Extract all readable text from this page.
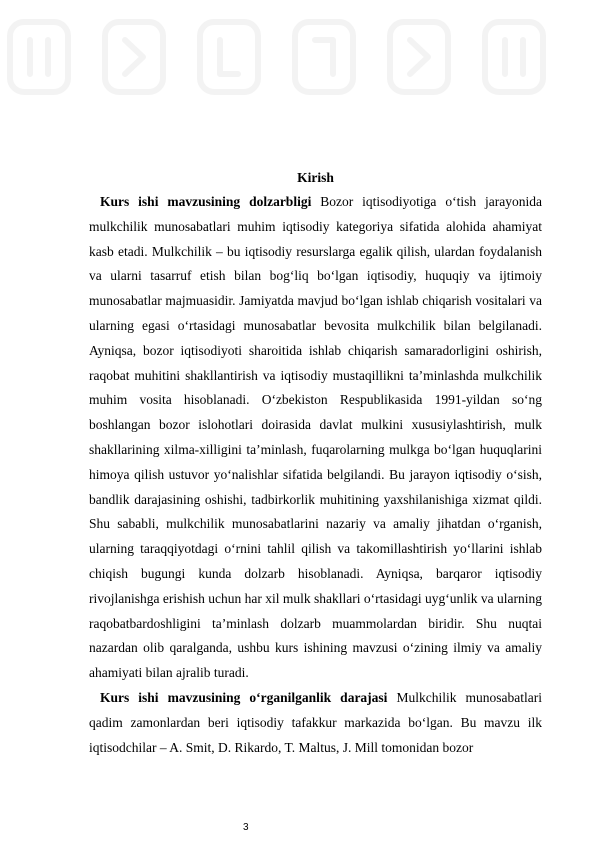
Kirish

Kurs ishi mavzusining dolzarbligi Bozor iqtisodiyotiga o‘tish jarayonida mulkchilik munosabatlari muhim iqtisodiy kategoriya sifatida alohida ahamiyat kasb etadi. Mulkchilik – bu iqtisodiy resurslarga egalik qilish, ulardan foydalanish va ularni tasarruf etish bilan bog‘liq bo‘lgan iqtisodiy, huquqiy va ijtimoiy munosabatlar majmuasidir. Jamiyatda mavjud bo‘lgan ishlab chiqarish vositalari va ularning egasi o‘rtasidagi munosabatlar bevosita mulkchilik bilan belgilanadi. Ayniqsa, bozor iqtisodiyoti sharoitida ishlab chiqarish samaradorligini oshirish, raqobat muhitini shakllantirish va iqtisodiy mustaqillikni ta’minlashda mulkchilik muhim vosita hisoblanadi. O‘zbekiston Respublikasida 1991-yildan so‘ng boshlangan bozor islohotlari doirasida davlat mulkini xususiylashtirish, mulk shakllarining xilma-xilligini ta’minlash, fuqarolarning mulkga bo‘lgan huquqlarini himoya qilish ustuvor yo‘nalishlar sifatida belgilandi. Bu jarayon iqtisodiy o‘sish, bandlik darajasining oshishi, tadbirkorlik muhitining yaxshilanishiga xizmat qildi. Shu sababli, mulkchilik munosabatlarini nazariy va amaliy jihatdan o‘rganish, ularning taraqqiyotdagi o‘rnini tahlil qilish va takomillashtirish yo‘llarini ishlab chiqish bugungi kunda dolzarb hisoblanadi. Ayniqsa, barqaror iqtisodiy rivojlanishga erishish uchun har xil mulk shakllari o‘rtasidagi uyg‘unlik va ularning raqobatbardoshligini ta’minlash dolzarb muammolardan biridir. Shu nuqtai nazardan olib qaralganda, ushbu kurs ishining mavzusi o‘zining ilmiy va amaliy ahamiyati bilan ajralib turadi.

Kurs ishi mavzusining o‘rganilganlik darajasi Mulkchilik munosabatlari qadim zamonlardan beri iqtisodiy tafakkur markazida bo‘lgan. Bu mavzu ilk iqtisodchilar – A. Smit, D. Rikardo, T. Maltus, J. Mill tomonidan bozor

3
